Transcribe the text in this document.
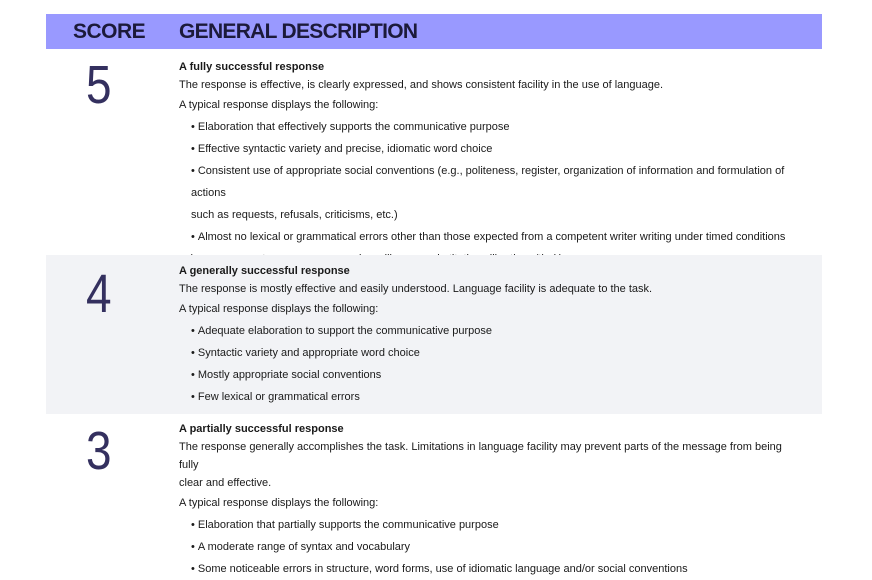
SCORE GENERAL DESCRIPTION
5	A fully successful response
The response is effective, is clearly expressed, and shows consistent facility in the use of language.
A typical response displays the following:
• Elaboration that effectively supports the communicative purpose
• Effective syntactic variety and precise, idiomatic word choice
• Consistent use of appropriate social conventions (e.g., politeness, register, organization of information and formulation of actions
such as requests, refusals, criticisms, etc.)
• Almost no lexical or grammatical errors other than those expected from a competent writer writing under timed conditions

4	A generally successful response
The response is mostly effective and easily understood. Language facility is adequate to the task.
A typical response displays the following:
• Adequate elaboration to support the communicative purpose
• Syntactic variety and appropriate word choice
• Mostly appropriate social conventions
• Few lexical or grammatical errors
3	A partially successful response
The response generally accomplishes the task. Limitations in language facility may prevent parts of the message from being fully
clear and effective.
A typical response displays the following:
• Elaboration that partially supports the communicative purpose
• A moderate range of syntax and vocabulary
• Some noticeable errors in structure, word forms, use of idiomatic language and/or social conventions
